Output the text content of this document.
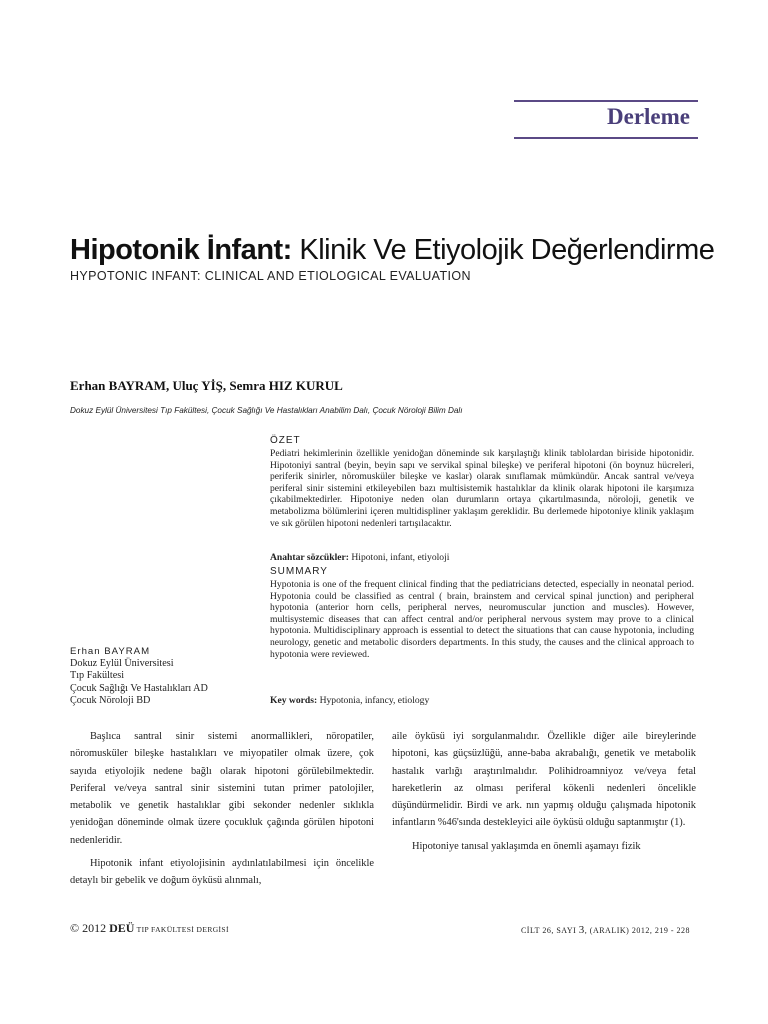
Derleme
Hipotonik İnfant: Klinik Ve Etiyolojik Değerlendirme
HYPOTONIC INFANT: CLINICAL AND ETIOLOGICAL EVALUATION
Erhan BAYRAM, Uluç YİŞ, Semra HIZ KURUL
Dokuz Eylül Üniversitesi Tıp Fakültesi, Çocuk Sağlığı Ve Hastalıkları Anabilim Dalı, Çocuk Nöroloji Bilim Dalı
ÖZET
Pediatri hekimlerinin özellikle yenidoğan döneminde sık karşılaştığı klinik tablolardan biriside hipotonidir. Hipotoniyi santral (beyin, beyin sapı ve servikal spinal bileşke) ve periferal hipotoni (ön boynuz hücreleri, periferik sinirler, nöromusküler bileşke ve kaslar) olarak sınıflamak mümkündür. Ancak santral ve/veya periferal sinir sistemini etkileyebilen bazı multisistemik hastalıklar da klinik olarak hipotoni ile karşımıza çıkabilmektedirler. Hipotoniye neden olan durumların ortaya çıkartılmasında, nöroloji, genetik ve metabolizma bölümlerini içeren multidispliner yaklaşım gereklidir. Bu derlemede hipotoniye klinik yaklaşım ve sık görülen hipotoni nedenleri tartışılacaktır.
Anahtar sözcükler: Hipotoni, infant, etiyoloji
SUMMARY
Hypotonia is one of the frequent clinical finding that the pediatricians detected, especially in neonatal period. Hypotonia could be classified as central ( brain, brainstem and cervical spinal junction) and peripheral hypotonia (anterior horn cells, peripheral nerves, neuromuscular junction and muscles). However, multisystemic diseases that can affect central and/or peripheral nervous system may prove to a clinical hypotonia. Multidisciplinary approach is essential to detect the situations that can cause hypotonia, including neurology, genetic and metabolic disorders departments. In this study, the causes and the clinical approach to hypotonia were reviewed.
Key words: Hypotonia, infancy, etiology
Erhan BAYRAM
Dokuz Eylül Üniversitesi
Tıp Fakültesi
Çocuk Sağlığı Ve Hastalıkları AD
Çocuk Nöroloji BD

Başlıca santral sinir sistemi anormallikleri, nöropatiler, nöromusküler bileşke hastalıkları ve miyopatiler olmak üzere, çok sayıda etiyolojik nedene bağlı olarak hipotoni görülebilmektedir. Periferal ve/veya santral sinir sistemini tutan primer patolojiler, metabolik ve genetik hastalıklar gibi sekonder nedenler sıklıkla yenidoğan döneminde olmak üzere çocukluk çağında görülen hipotoni nedenleridir.

Hipotonik infant etiyolojisinin aydınlatılabilmesi için öncelikle detaylı bir gebelik ve doğum öyküsü alınmalı,

aile öyküsü iyi sorgulanmalıdır. Özellikle diğer aile bireylerinde hipotoni, kas güçsüzlüğü, anne-baba akrabalığı, genetik ve metabolik hastalık varlığı araştırılmalıdır. Polihidroamniyoz ve/veya fetal hareketlerin az olması periferal kökenli nedenleri öncelikle düşündürmelidir. Birdi ve ark. nın yapmış olduğu çalışmada hipotonik infantların %46'sında destekleyici aile öyküsü olduğu saptanmıştır (1).

Hipotoniye tanısal yaklaşımda en önemli aşamayı fizik

© 2012 DEÜ TIP FAKÜLTESİ DERGİSİ	CİLT 26, SAYI 3, (ARALIK) 2012, 219 - 228
